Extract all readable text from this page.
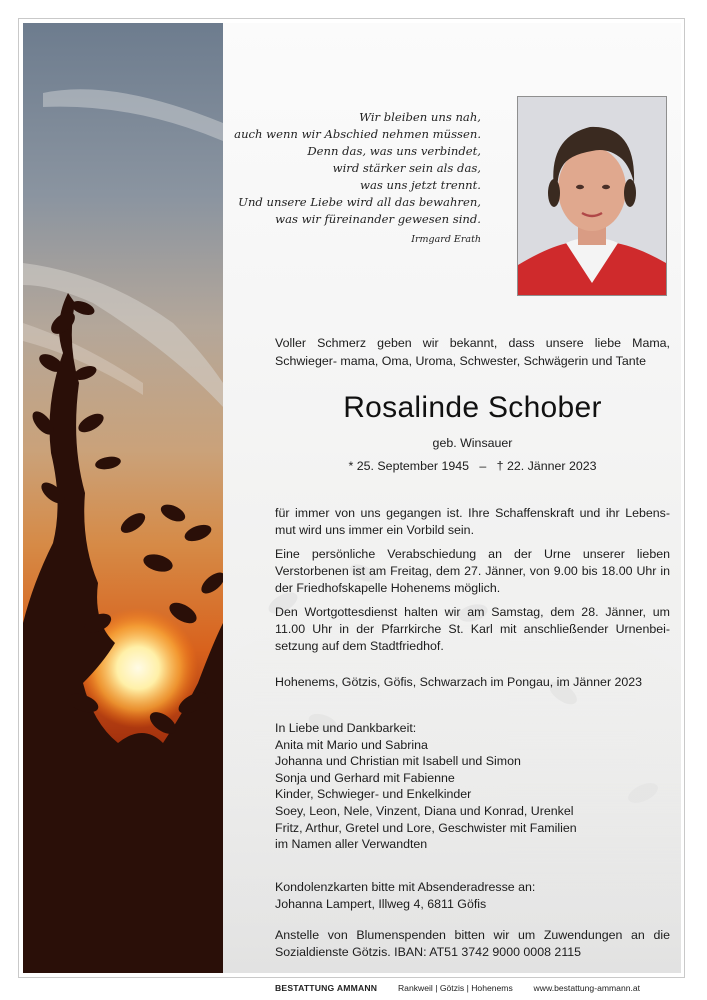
Wir bleiben uns nah,
auch wenn wir Abschied nehmen müssen.
Denn das, was uns verbindet,
wird stärker sein als das,
was uns jetzt trennt.
Und unsere Liebe wird all das bewahren,
was wir füreinander gewesen sind.
Irmgard Erath
Voller Schmerz geben wir bekannt, dass unsere liebe Mama, Schwieger- mama, Oma, Uroma, Schwester, Schwägerin und Tante
Rosalinde Schober
geb. Winsauer
* 25. September 1945 – † 22. Jänner 2023

für immer von uns gegangen ist. Ihre Schaffenskraft und ihr Lebens- mut wird uns immer ein Vorbild sein.

Eine persönliche Verabschiedung an der Urne unserer lieben Verstorbenen ist am Freitag, dem 27. Jänner, von 9.00 bis 18.00 Uhr in der Friedhofskapelle Hohenems möglich.

Den Wortgottesdienst halten wir am Samstag, dem 28. Jänner, um 11.00 Uhr in der Pfarrkirche St. Karl mit anschließender Urnenbei- setzung auf dem Stadtfriedhof.

Hohenems, Götzis, Göfis, Schwarzach im Pongau, im Jänner 2023
In Liebe und Dankbarkeit:
Anita mit Mario und Sabrina
Johanna und Christian mit Isabell und Simon
Sonja und Gerhard mit Fabienne
Kinder, Schwieger- und Enkelkinder
Soey, Leon, Nele, Vinzent, Diana und Konrad, Urenkel
Fritz, Arthur, Gretel und Lore, Geschwister mit Familien
im Namen aller Verwandten
Kondolenzkarten bitte mit Absenderadresse an:
Johanna Lampert, Illweg 4, 6811 Göfis
Anstelle von Blumenspenden bitten wir um Zuwendungen an die Sozialdienste Götzis. IBAN: AT51 3742 9000 0008 2115
BESTATTUNG AMMANN Rankweil | Götzis | Hohenems www.bestattung-ammann.at
